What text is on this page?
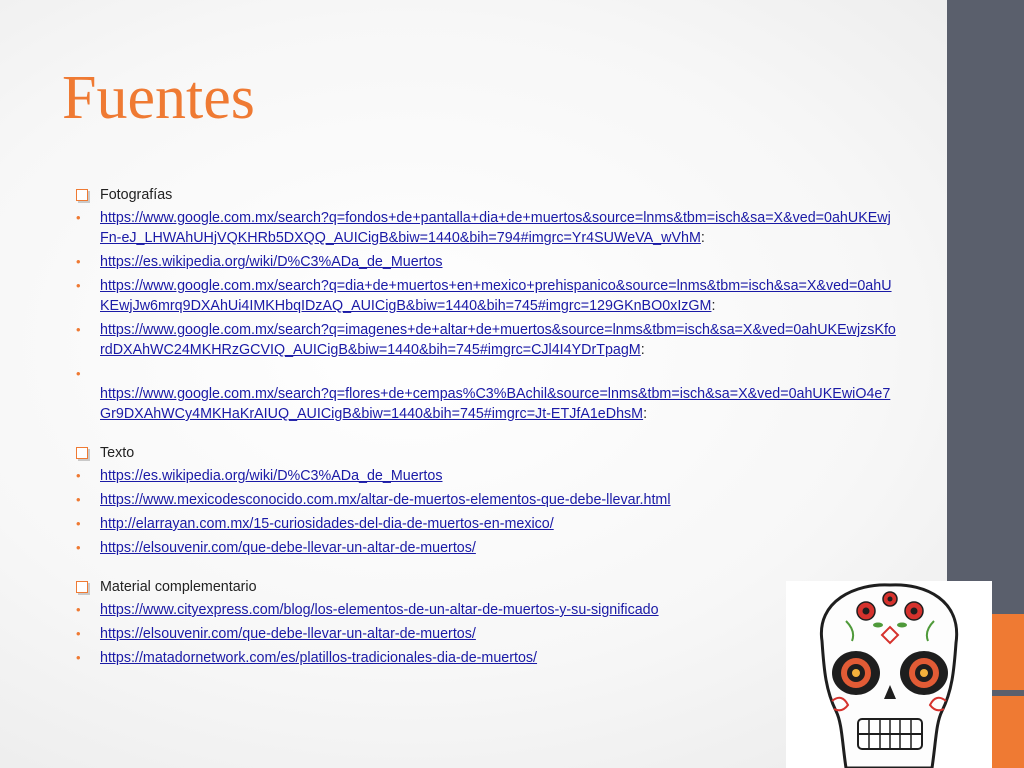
Fuentes
Fotografías
• https://www.google.com.mx/search?q=fondos+de+pantalla+dia+de+muertos&source=lnms&tbm=isch&sa=X&ved=0ahUKEwjFn-eJ_LHWAhUHjVQKHRb5DXQQ_AUICigB&biw=1440&bih=794#imgrc=Yr4SUWeVA_wVhM:
• https://es.wikipedia.org/wiki/D%C3%ADa_de_Muertos
• https://www.google.com.mx/search?q=dia+de+muertos+en+mexico+prehispanico&source=lnms&tbm=isch&sa=X&ved=0ahUKEwjJw6mrq9DXAhUi4IMKHbqIDzAQ_AUICigB&biw=1440&bih=745#imgrc=129GKnBO0xIzGM:
• https://www.google.com.mx/search?q=imagenes+de+altar+de+muertos&source=lnms&tbm=isch&sa=X&ved=0ahUKEwjzsKfordDXAhWC24MKHRzGCVIQ_AUICigB&biw=1440&bih=745#imgrc=CJl4I4YDrTpagM:
•

https://www.google.com.mx/search?q=flores+de+cempas%C3%BAchil&source=lnms&tbm=isch&sa=X&ved=0ahUKEwiO4e7Gr9DXAhWCy4MKHaKrAIUQ_AUICigB&biw=1440&bih=745#imgrc=Jt-ETJfA1eDhsM:
Texto
• https://es.wikipedia.org/wiki/D%C3%ADa_de_Muertos
• https://www.mexicodesconocido.com.mx/altar-de-muertos-elementos-que-debe-llevar.html
• http://elarrayan.com.mx/15-curiosidades-del-dia-de-muertos-en-mexico/
• https://elsouvenir.com/que-debe-llevar-un-altar-de-muertos/
Material complementario
• https://www.cityexpress.com/blog/los-elementos-de-un-altar-de-muertos-y-su-significado
• https://elsouvenir.com/que-debe-llevar-un-altar-de-muertos/
• https://matadornetwork.com/es/platillos-tradicionales-dia-de-muertos/
